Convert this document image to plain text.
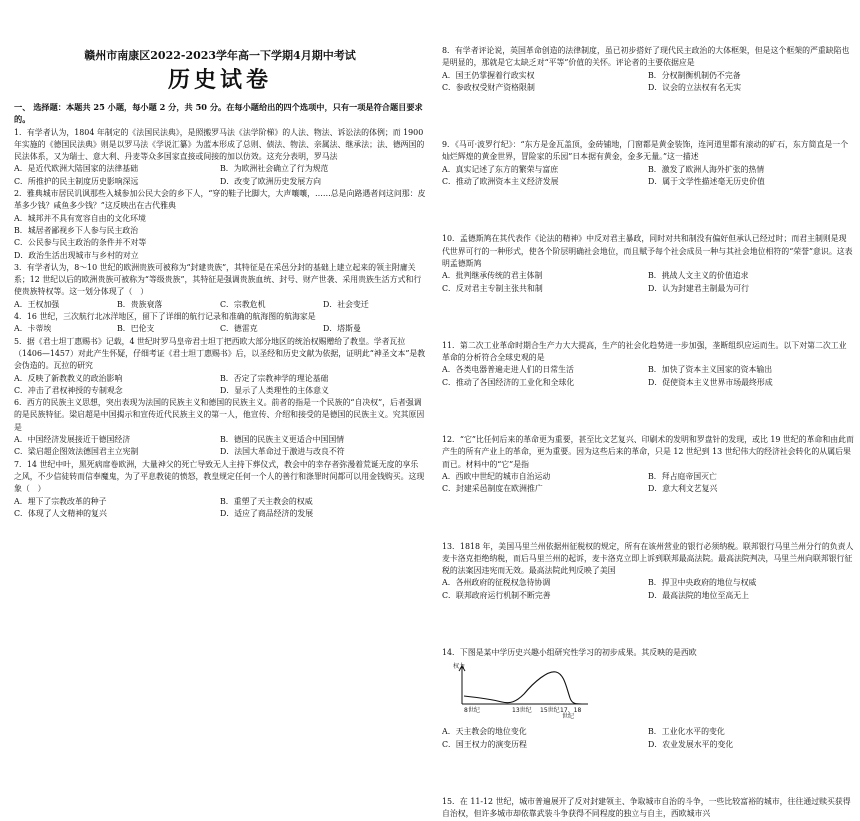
赣州市南康区2022-2023学年高一下学期4月期中考试
历史试卷
一、 选择题：本题共 25 小题，每小题 2 分，共 50 分。在每小题给出的四个选项中，只有一项是符合题目要求的。

1．有学者认为，1804 年制定的《法国民法典》，是照搬罗马法《法学阶梯》的人法、物法、诉讼法的体例；而 1900 年实施的《德国民法典》则是以罗马法《学说汇纂》为蓝本形成了总则、债法、物法、亲属法、继承法；法、德两国的民法体系，又为瑞士、意大利、丹麦等众多国家直接或间接的加以仿效。这充分表明，罗马法

A．是近代欧洲大陆国家的法律基础	B．为欧洲社会确立了行为规范
C．所推护的民主制度历史影响深远	D．改变了欧洲历史发展方向

2．雅典城市居民讥讽那些入城参加公民大会的乡下人，“穿的鞋子比脚大，大声嚷嚷，……总是向路遇者问这问那：皮革多少钱？咸鱼多少钱？”这反映出在古代雅典

A．城邦并不具有宽容自由的文化环境
B．城居者鄙视乡下人参与民主政治
C．公民参与民主政治的条件并不对等
D．政治生活出现城市与乡村的对立

3．有学者认为，8～10 世纪的欧洲贵族可被称为“封建贵族”，其特征是在采邑分封的基础上建立起来的领主附庸关系；12 世纪以后的欧洲贵族可被称为“等级贵族”，其特征是强调贵族血统、封号、财产世袭、采用贵族生活方式和行使贵族特权等。这一划分体现了（　）

A．王权加强	B．贵族衰落	C．宗教危机	D．社会变迁

4．16 世纪，三次航行北冰洋地区，留下了详细的航行记录和准确的航海图的航海家是

A．卡蒂埃	B．巴伦支	C．德雷克	D．塔斯曼

5．据《君士坦丁惠赐书》记载，4 世纪时罗马皇帝君士坦丁把西欧大部分地区的统治权赐赠给了教皇。学者瓦拉（1406—1457）对此产生怀疑，仔细考证《君士坦丁惠赐书》后，以圣经和历史文献为依据，证明此“神圣文本”是教会伪造的。瓦拉的研究

A．反映了新教教义的政治影响	B．否定了宗教神学的理论基础
C．冲击了君权神授的专制观念	D．显示了人类理性的主体意义

6．西方的民族主义思想，突出表现为法国的民族主义和德国的民族主义。前者的指是一个民族的“自决权”，后者强调的是民族特征。梁启超是中国揭示和宣传近代民族主义的第一人，他宣传、介绍和接受的是德国的民族主义。究其原因是

A．中国经济发展接近于德国经济	B．德国的民族主义更适合中国国情
C．梁启超企图效法德国君主立宪制	D．法国大革命过于激进与改良不符

7．14 世纪中叶，黑死病席卷欧洲，大量神父的死亡导致无人主持下葬仪式，教会中的幸存者弥漫着荒诞无度的享乐之风，不少信徒转而信奉魔鬼，为了平息教徒的愤怒，教皇规定任何一个人的善行和涤罪时间都可以用金钱购买。这现象（　）

A．埋下了宗教改革的种子	B．重塑了天主教会的权威
C．体现了人文精神的复兴	D．适应了商品经济的发展

8．有学者评论说，英国革命创造的法律制度，虽已初步搭好了现代民主政治的大体框架，但是这个框架的严重缺陷也是明显的，那就是它太缺乏对“平等”价值的关怀。评论者的主要依据应是

A．国王仍掌握着行政实权	B．分权制衡机制仍不完备
C．参政权受财产资格限制	D．议会的立法权有名无实

9．《马可·波罗行纪》：“东方是金瓦盖顶，金砖铺地，门窗都是黄金装饰，连河道里都有滚动的矿石，东方简直是一个灿烂辉煌的黄金世界，冒险家的乐园”日本据有黄金，金多无量。”这一描述

A．真实记述了东方的繁荣与富庶	B．激发了欧洲人海外扩张的热情
C．推动了欧洲资本主义经济发展	D．属于文学性描述毫无历史价值

10．孟德斯鸠在其代表作《论法的精神》中反对君主暴政，同时对共和制没有偏好但承认已经过时；而君主制则是现代世界可行的一种形式，使各个阶层明确社会地位，而且赋予每个社会成员一种与其社会地位相符的“荣誉”意识。这表明孟德斯鸠

A．批判继承传统的君主体制	B．挑战人文主义的价值追求
C．反对君主专制主张共和制	D．认为封建君主制最为可行

11．第二次工业革命时期合生产力大大提高，生产的社会化趋势进一步加强，垄断组织应运而生。以下对第二次工业革命的分析符合全球史观的是

A．各类电器普遍走进人们的日常生活	B．加快了资本主义国家的资本输出
C．推动了各国经济的工业化和全球化	D．促使资本主义世界市场最终形成

12．“它”比任何后来的革命更为重要，甚至比文艺复兴、印刷术的发明和罗盘针的发现，或比 19 世纪的革命和由此而产生的所有产业上的革命，更为重要。因为这些后来的革命，只是 12 世纪到 13 世纪伟大的经济社会转化的从属后果而已。材料中的“它”是指

A．西欧中世纪的城市自治运动	B．拜占庭帝国灭亡
C．封建采邑制度在欧洲推广	D．意大利文艺复兴

13．1818 年，美国马里兰州依据州征税权的规定，所有在该州营业的银行必须纳税。联邦银行马里兰州分行的负责人麦卡洛克拒绝纳税，而后马里兰州的起诉，麦卡洛克立即上诉到联邦最高法院。最高法院判决，马里兰州向联邦银行征税的法案因违宪而无效。最高法院此判反映了美国

A．各州政府的征税权急待协调	B．捍卫中央政府的地位与权威
C．联邦政府运行机制不断完善	D．最高法院的地位至高无上

14．下图是某中学历史兴趣小组研究性学习的初步成果。其反映的是西欧

权力
8世纪	13世纪 15世纪 17、18
世纪
A．天主教会的地位变化	B．工业化水平的变化
C．国王权力的演变历程	D．农业发展水平的变化

15．在 11-12 世纪，城市普遍展开了反对封建领主、争取城市自治的斗争，一些比较富裕的城市，往往通过赎买获得自治权，但许多城市却依靠武装斗争获得不同程度的独立与自主，西欧城市兴
